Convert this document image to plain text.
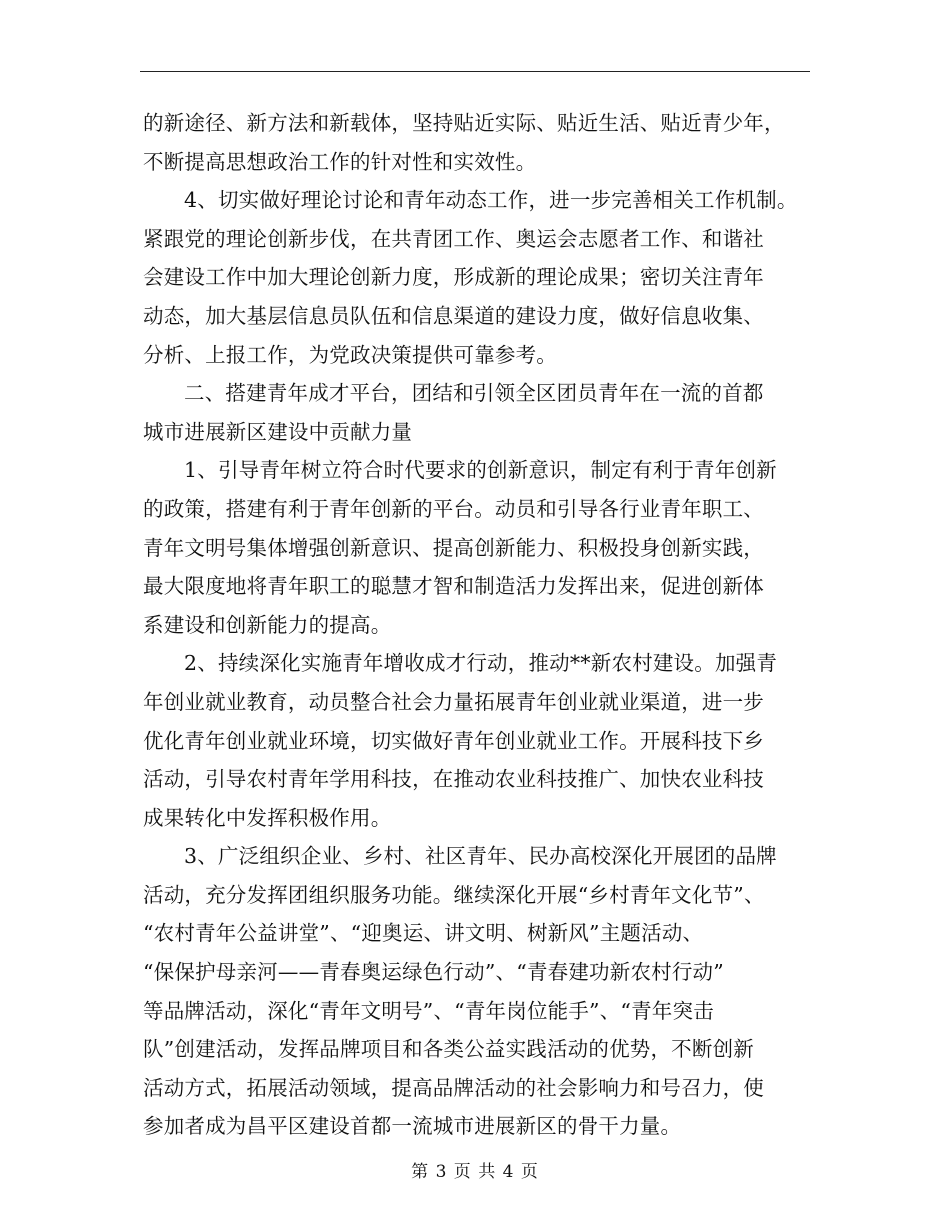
的新途径、新方法和新载体，坚持贴近实际、贴近生活、贴近青少年，
不断提高思想政治工作的针对性和实效性。
4、切实做好理论讨论和青年动态工作，进一步完善相关工作机制。
紧跟党的理论创新步伐，在共青团工作、奥运会志愿者工作、和谐社
会建设工作中加大理论创新力度，形成新的理论成果；密切关注青年
动态，加大基层信息员队伍和信息渠道的建设力度，做好信息收集、
分析、上报工作，为党政决策提供可靠参考。
二、搭建青年成才平台，团结和引领全区团员青年在一流的首都
城市进展新区建设中贡献力量
1、引导青年树立符合时代要求的创新意识，制定有利于青年创新
的政策，搭建有利于青年创新的平台。动员和引导各行业青年职工、
青年文明号集体增强创新意识、提高创新能力、积极投身创新实践，
最大限度地将青年职工的聪慧才智和制造活力发挥出来，促进创新体
系建设和创新能力的提高。
2、持续深化实施青年增收成才行动，推动**新农村建设。加强青
年创业就业教育，动员整合社会力量拓展青年创业就业渠道，进一步
优化青年创业就业环境，切实做好青年创业就业工作。开展科技下乡
活动，引导农村青年学用科技，在推动农业科技推广、加快农业科技
成果转化中发挥积极作用。
3、广泛组织企业、乡村、社区青年、民办高校深化开展团的品牌
活动，充分发挥团组织服务功能。继续深化开展“乡村青年文化节”、
“农村青年公益讲堂”、“迎奥运、讲文明、树新风”主题活动、
“保保护母亲河——青春奥运绿色行动”、“青春建功新农村行动”
等品牌活动，深化“青年文明号”、“青年岗位能手”、“青年突击
队”创建活动，发挥品牌项目和各类公益实践活动的优势，不断创新
活动方式，拓展活动领域，提高品牌活动的社会影响力和号召力，使
参加者成为昌平区建设首都一流城市进展新区的骨干力量。
第 3 页 共 4 页
